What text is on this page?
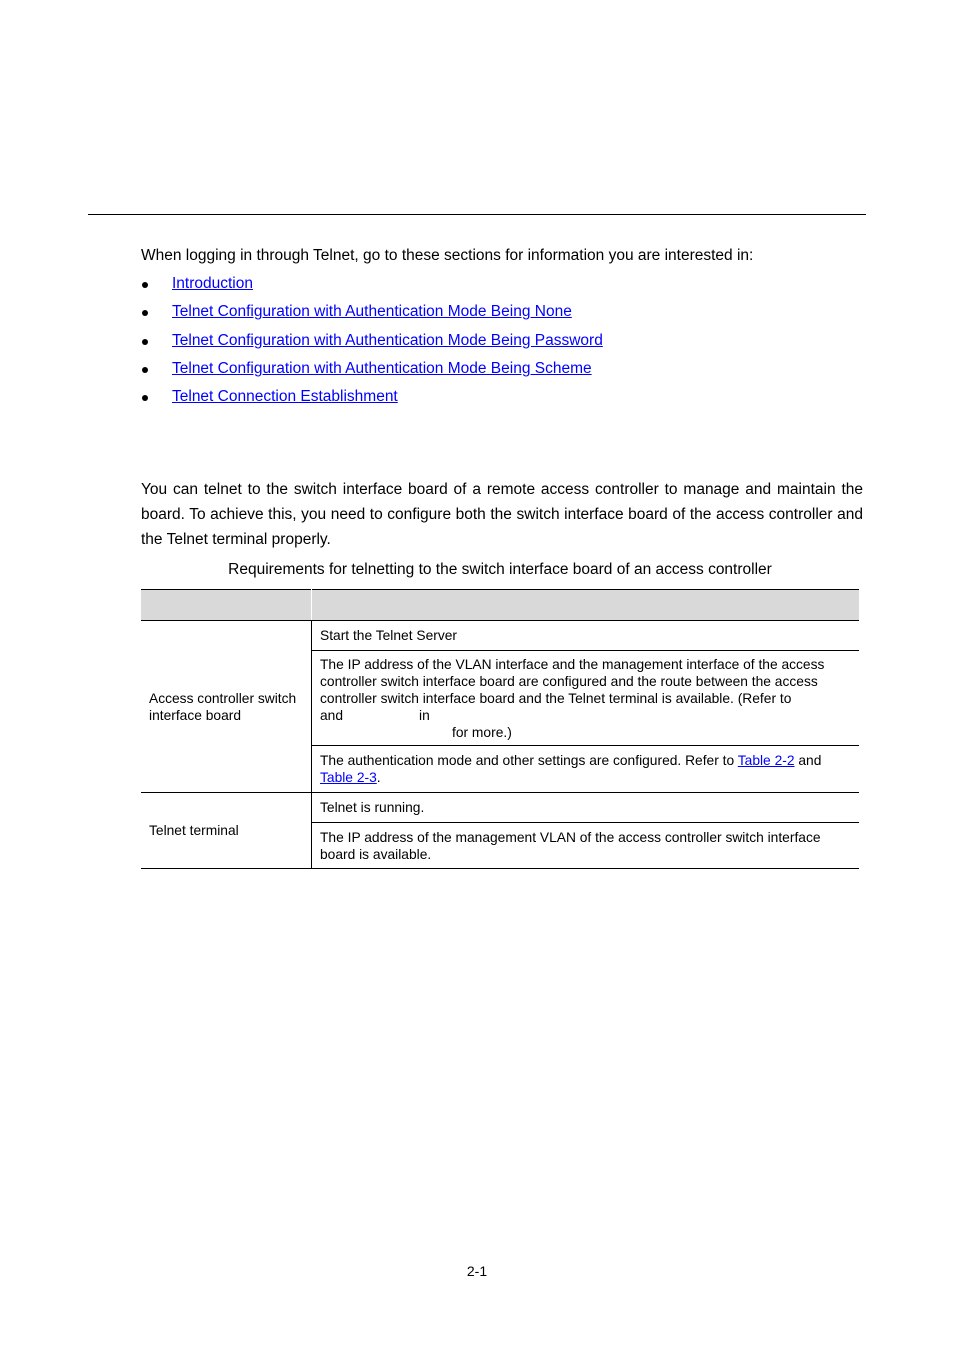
When logging in through Telnet, go to these sections for information you are interested in:

Introduction
Telnet Configuration with Authentication Mode Being None
Telnet Configuration with Authentication Mode Being Password
Telnet Configuration with Authentication Mode Being Scheme
Telnet Connection Establishment

You can telnet to the switch interface board of a remote access controller to manage and maintain the board. To achieve this, you need to configure both the switch interface board of the access controller and the Telnet terminal properly.

Requirements for telnetting to the switch interface board of an access controller

Access controller switch interface board	Start the Telnet Server
	The IP address of the VLAN interface and the management interface of the access controller switch interface board are configured and the route between the access controller switch interface board and the Telnet terminal is available. (Refer to
and in
for more.)
	The authentication mode and other settings are configured. Refer to Table 2-2 and Table 2-3.
Telnet terminal	Telnet is running.
	The IP address of the management VLAN of the access controller switch interface board is available.
2-1
